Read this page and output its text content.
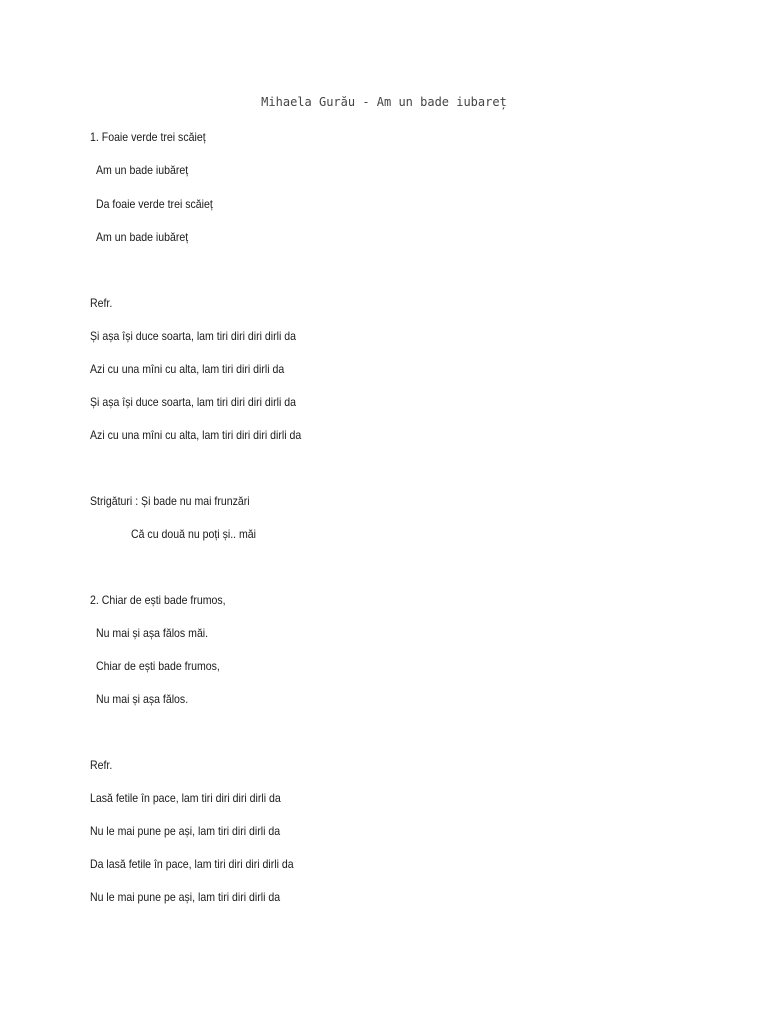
Mihaela Gurău - Am un bade iubareț
1. Foaie verde trei scăieț
Am un bade iubăreț
Da foaie verde trei scăieț
Am un bade iubăreț
Refr.
Și așa își duce soarta, lam tiri diri diri dirli da
Azi cu una mîni cu alta, lam tiri diri dirli da
Și așa își duce soarta, lam tiri diri diri dirli da
Azi cu una mîni cu alta, lam tiri diri diri dirli da
Strigături : Și bade nu mai frunzări
Că cu două nu poți și.. măi
2. Chiar de ești bade frumos,
Nu mai și așa fălos măi.
Chiar de ești bade frumos,
Nu mai și așa fălos.
Refr.
Lasă fetile în pace, lam tiri diri diri dirli da
Nu le mai pune pe ași, lam tiri diri dirli da
Da lasă fetile în pace, lam tiri diri diri dirli da
Nu le mai pune pe ași, lam tiri diri dirli da
